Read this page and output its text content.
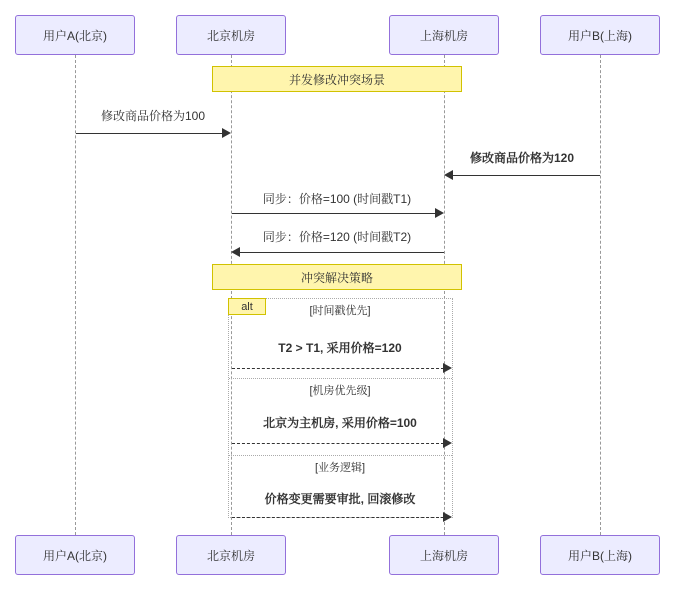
用户A(北京)	北京机房	上海机房	用户B(上海)
并发修改冲突场景
修改商品价格为100
修改商品价格为120
同步：价格=100 (时间戳T1)
同步：价格=120 (时间戳T2)
冲突解决策略
alt	[时间戳优先]
T2 > T1, 采用价格=120
[机房优先级]
北京为主机房, 采用价格=100
[业务逻辑]
价格变更需要审批, 回滚修改
用户A(北京)	北京机房	上海机房	用户B(上海)
